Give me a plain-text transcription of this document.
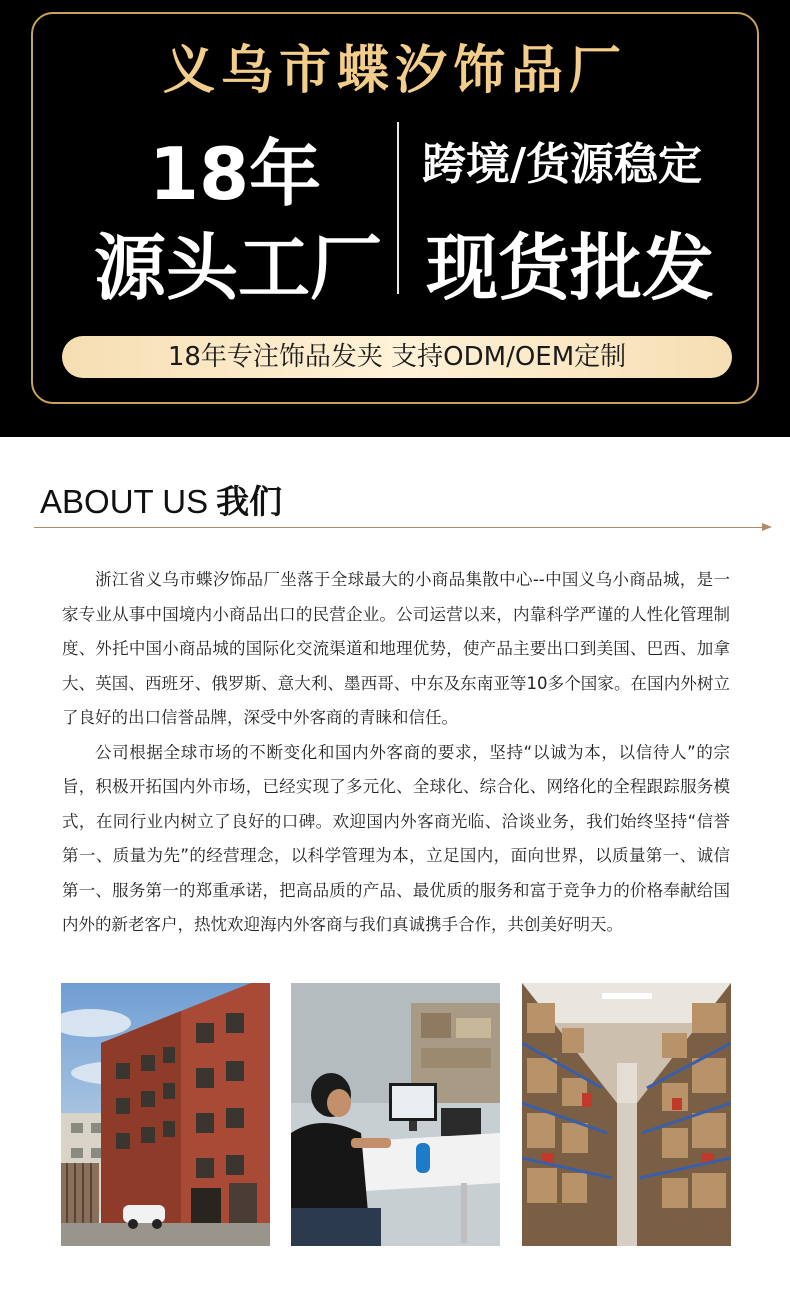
义乌市蝶汐饰品厂
18年
源头工厂
跨境/货源稳定
现货批发
18年专注饰品发夹 支持ODM/OEM定制
ABOUT US 我们

浙江省义乌市蝶汐饰品厂坐落于全球最大的小商品集散中心--中国义乌小商品城，是一家专业从事中国境内小商品出口的民营企业。公司运营以来，内靠科学严谨的人性化管理制度、外托中国小商品城的国际化交流渠道和地理优势，使产品主要出口到美国、巴西、加拿大、英国、西班牙、俄罗斯、意大利、墨西哥、中东及东南亚等10多个国家。在国内外树立了良好的出口信誉品牌，深受中外客商的青睐和信任。

公司根据全球市场的不断变化和国内外客商的要求，坚持“以诚为本，以信待人”的宗旨，积极开拓国内外市场，已经实现了多元化、全球化、综合化、网络化的全程跟踪服务模式，在同行业内树立了良好的口碑。欢迎国内外客商光临、洽谈业务，我们始终坚持“信誉第一、质量为先”的经营理念，以科学管理为本，立足国内，面向世界，以质量第一、诚信第一、服务第一的郑重承诺，把高品质的产品、最优质的服务和富于竞争力的价格奉献给国内外的新老客户，热忱欢迎海内外客商与我们真诚携手合作，共创美好明天。
